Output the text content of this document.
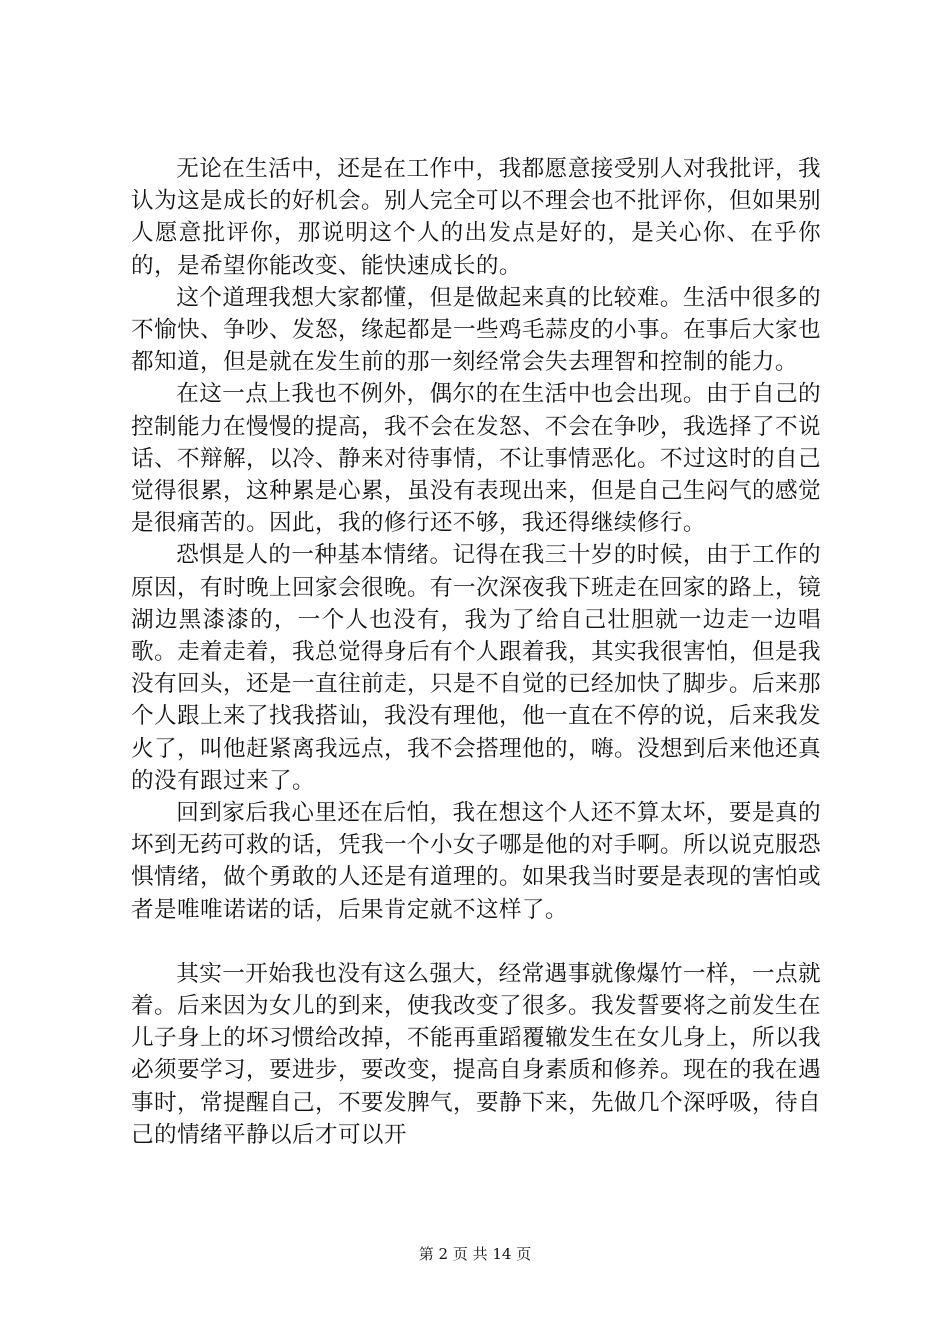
无论在生活中，还是在工作中，我都愿意接受别人对我批评，我认为这是成长的好机会。别人完全可以不理会也不批评你，但如果别人愿意批评你，那说明这个人的出发点是好的，是关心你、在乎你的，是希望你能改变、能快速成长的。

这个道理我想大家都懂，但是做起来真的比较难。生活中很多的不愉快、争吵、发怒，缘起都是一些鸡毛蒜皮的小事。在事后大家也都知道，但是就在发生前的那一刻经常会失去理智和控制的能力。

在这一点上我也不例外，偶尔的在生活中也会出现。由于自己的控制能力在慢慢的提高，我不会在发怒、不会在争吵，我选择了不说话、不辩解，以冷、静来对待事情，不让事情恶化。不过这时的自己觉得很累，这种累是心累，虽没有表现出来，但是自己生闷气的感觉是很痛苦的。因此，我的修行还不够，我还得继续修行。

恐惧是人的一种基本情绪。记得在我三十岁的时候，由于工作的原因，有时晚上回家会很晚。有一次深夜我下班走在回家的路上，镜湖边黑漆漆的，一个人也没有，我为了给自己壮胆就一边走一边唱歌。走着走着，我总觉得身后有个人跟着我，其实我很害怕，但是我没有回头，还是一直往前走，只是不自觉的已经加快了脚步。后来那个人跟上来了找我搭讪，我没有理他，他一直在不停的说，后来我发火了，叫他赶紧离我远点，我不会搭理他的，嗨。没想到后来他还真的没有跟过来了。

回到家后我心里还在后怕，我在想这个人还不算太坏，要是真的坏到无药可救的话，凭我一个小女子哪是他的对手啊。所以说克服恐惧情绪，做个勇敢的人还是有道理的。如果我当时要是表现的害怕或者是唯唯诺诺的话，后果肯定就不这样了。

其实一开始我也没有这么强大，经常遇事就像爆竹一样，一点就着。后来因为女儿的到来，使我改变了很多。我发誓要将之前发生在儿子身上的坏习惯给改掉，不能再重蹈覆辙发生在女儿身上，所以我必须要学习，要进步，要改变，提高自身素质和修养。现在的我在遇事时，常提醒自己，不要发脾气，要静下来，先做几个深呼吸，待自己的情绪平静以后才可以开

第 2 页 共 14 页
